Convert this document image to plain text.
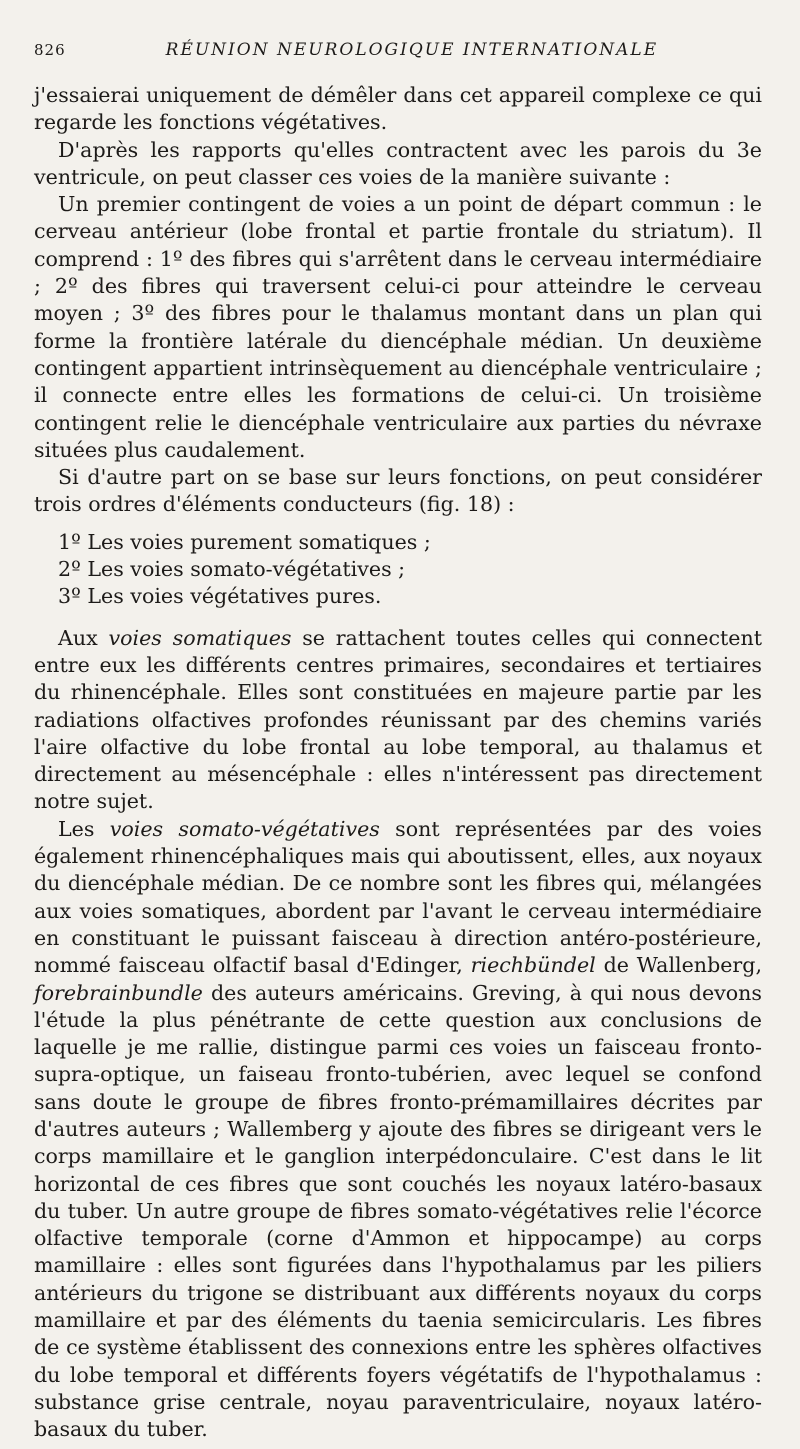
826	RÉUNION NEUROLOGIQUE INTERNATIONALE

j'essaierai uniquement de démêler dans cet appareil complexe ce qui regarde les fonctions végétatives.

D'après les rapports qu'elles contractent avec les parois du 3e ventricule, on peut classer ces voies de la manière suivante :

Un premier contingent de voies a un point de départ commun : le cerveau antérieur (lobe frontal et partie frontale du striatum). Il comprend : 1º des fibres qui s'arrêtent dans le cerveau intermédiaire ; 2º des fibres qui traversent celui-ci pour atteindre le cerveau moyen ; 3º des fibres pour le thalamus montant dans un plan qui forme la frontière latérale du diencéphale médian. Un deuxième contingent appartient intrinsèquement au diencéphale ventriculaire ; il connecte entre elles les formations de celui-ci. Un troisième contingent relie le diencéphale ventriculaire aux parties du névraxe situées plus caudalement.

Si d'autre part on se base sur leurs fonctions, on peut considérer trois ordres d'éléments conducteurs (fig. 18) :

1º Les voies purement somatiques ;
2º Les voies somato-végétatives ;
3º Les voies végétatives pures.

Aux voies somatiques se rattachent toutes celles qui connectent entre eux les différents centres primaires, secondaires et tertiaires du rhinencéphale. Elles sont constituées en majeure partie par les radiations olfactives profondes réunissant par des chemins variés l'aire olfactive du lobe frontal au lobe temporal, au thalamus et directement au mésencéphale : elles n'intéressent pas directement notre sujet.

Les voies somato-végétatives sont représentées par des voies également rhinencéphaliques mais qui aboutissent, elles, aux noyaux du diencéphale médian. De ce nombre sont les fibres qui, mélangées aux voies somatiques, abordent par l'avant le cerveau intermédiaire en constituant le puissant faisceau à direction antéro-postérieure, nommé faisceau olfactif basal d'Edinger, riechbündel de Wallenberg, forebrainbundle des auteurs américains. Greving, à qui nous devons l'étude la plus pénétrante de cette question aux conclusions de laquelle je me rallie, distingue parmi ces voies un faisceau fronto-supra-optique, un faiseau fronto-tubérien, avec lequel se confond sans doute le groupe de fibres fronto-prémamillaires décrites par d'autres auteurs ; Wallemberg y ajoute des fibres se dirigeant vers le corps mamillaire et le ganglion interpédonculaire. C'est dans le lit horizontal de ces fibres que sont couchés les noyaux latéro-basaux du tuber. Un autre groupe de fibres somato-végétatives relie l'écorce olfactive temporale (corne d'Ammon et hippocampe) au corps mamillaire : elles sont figurées dans l'hypothalamus par les piliers antérieurs du trigone se distribuant aux différents noyaux du corps mamillaire et par des éléments du taenia semicircularis. Les fibres de ce système établissent des connexions entre les sphères olfactives du lobe temporal et différents foyers végétatifs de l'hypothalamus : substance grise centrale, noyau paraventriculaire, noyaux latéro-basaux du tuber.
